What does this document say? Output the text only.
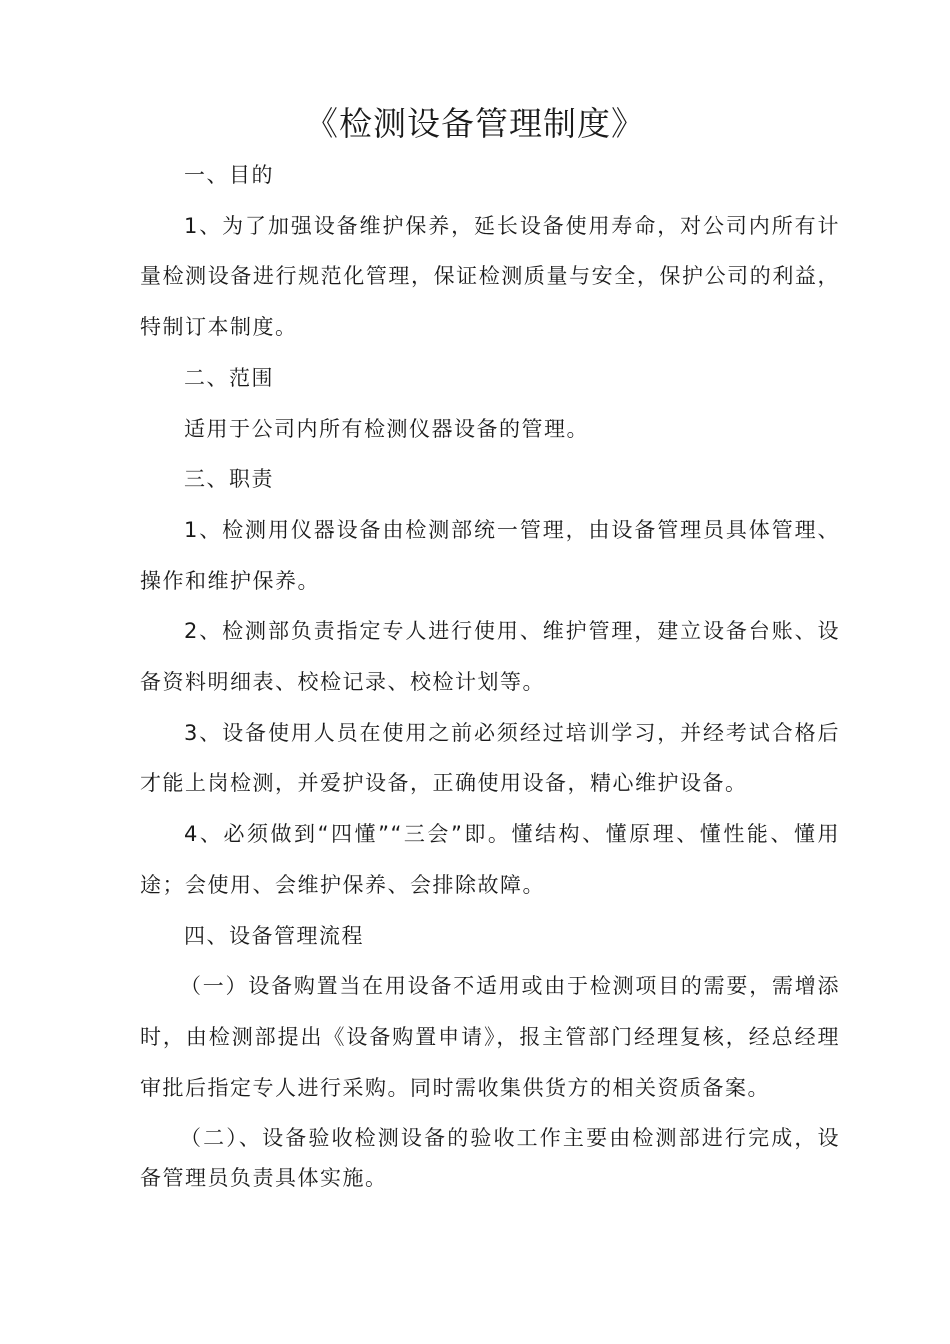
《检测设备管理制度》

一、目的

1、为了加强设备维护保养，延长设备使用寿命，对公司内所有计量检测设备进行规范化管理，保证检测质量与安全，保护公司的利益，特制订本制度。

二、范围

适用于公司内所有检测仪器设备的管理。

三、职责

1、检测用仪器设备由检测部统一管理，由设备管理员具体管理、操作和维护保养。

2、检测部负责指定专人进行使用、维护管理，建立设备台账、设备资料明细表、校检记录、校检计划等。

3、设备使用人员在使用之前必须经过培训学习，并经考试合格后才能上岗检测，并爱护设备，正确使用设备，精心维护设备。

4、必须做到“四懂”“三会”即。懂结构、懂原理、懂性能、懂用途；会使用、会维护保养、会排除故障。

四、设备管理流程

（一）设备购置当在用设备不适用或由于检测项目的需要，需增添时，由检测部提出《设备购置申请》，报主管部门经理复核，经总经理审批后指定专人进行采购。同时需收集供货方的相关资质备案。

（二）、设备验收检测设备的验收工作主要由检测部进行完成，设备管理员负责具体实施。
